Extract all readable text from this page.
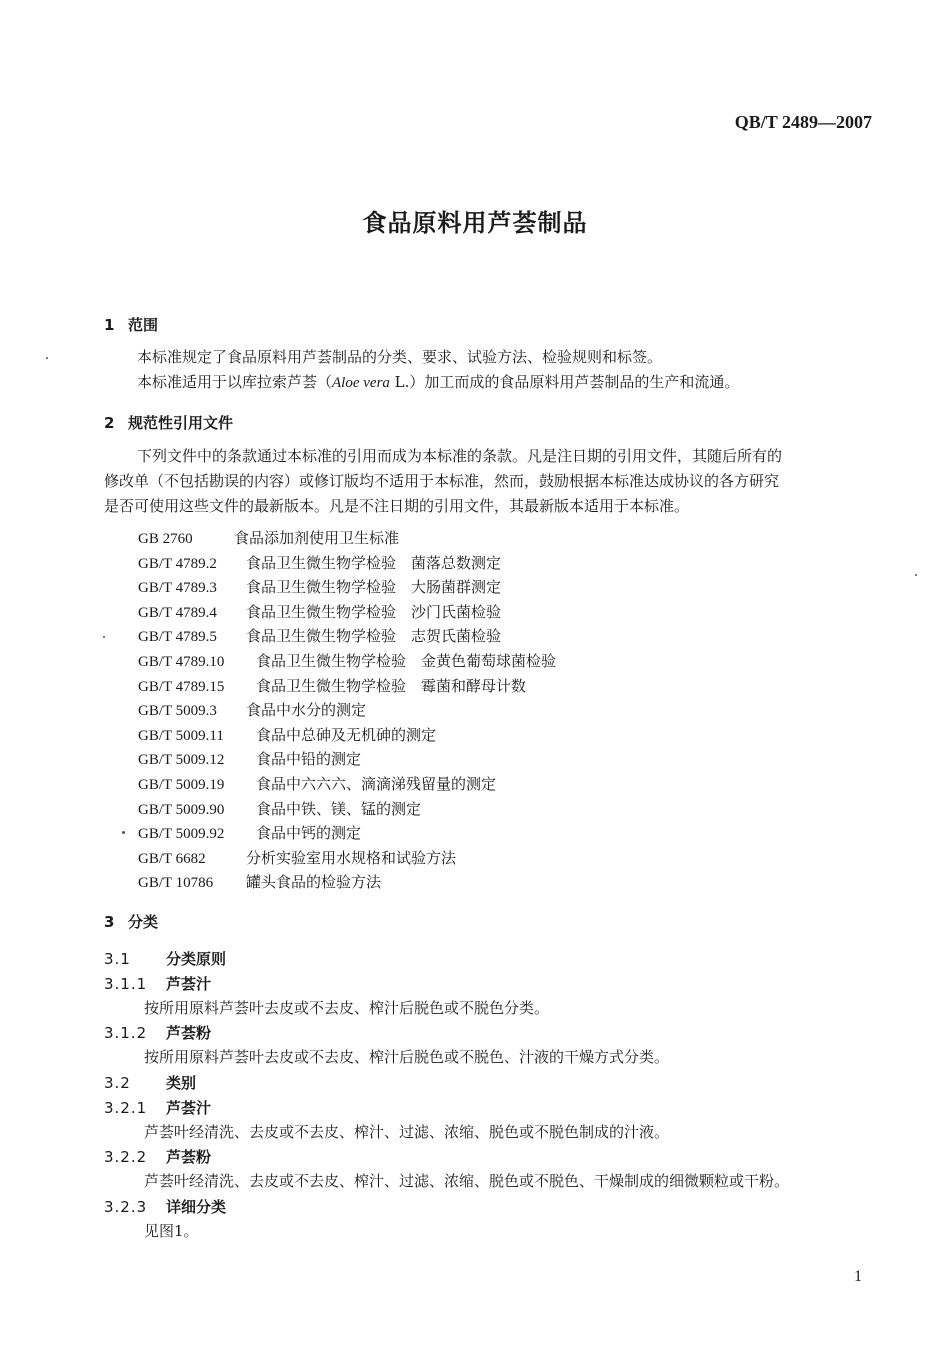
QB/T 2489—2007
食品原料用芦荟制品
1 范围
本标准规定了食品原料用芦荟制品的分类、要求、试验方法、检验规则和标签。
本标准适用于以库拉索芦荟（Aloe vera L.）加工而成的食品原料用芦荟制品的生产和流通。
2 规范性引用文件
下列文件中的条款通过本标准的引用而成为本标准的条款。凡是注日期的引用文件，其随后所有的
修改单（不包括勘误的内容）或修订版均不适用于本标准，然而，鼓励根据本标准达成协议的各方研究
是否可使用这些文件的最新版本。凡是不注日期的引用文件，其最新版本适用于本标准。
GB 2760	食品添加剂使用卫生标准
GB/T 4789.2 食品卫生微生物学检验　菌落总数测定
GB/T 4789.3 食品卫生微生物学检验　大肠菌群测定
GB/T 4789.4 食品卫生微生物学检验　沙门氏菌检验
GB/T 4789.5 食品卫生微生物学检验　志贺氏菌检验
GB/T 4789.10 食品卫生微生物学检验　金黄色葡萄球菌检验
GB/T 4789.15 食品卫生微生物学检验　霉菌和酵母计数
GB/T 5009.3 食品中水分的测定
GB/T 5009.11 食品中总砷及无机砷的测定
GB/T 5009.12 食品中铅的测定
GB/T 5009.19 食品中六六六、滴滴涕残留量的测定
GB/T 5009.90 食品中铁、镁、锰的测定
GB/T 5009.92 食品中钙的测定
GB/T 6682	分析实验室用水规格和试验方法
GB/T 10786 罐头食品的检验方法
3 分类
3.1 分类原则
3.1.1 芦荟汁
按所用原料芦荟叶去皮或不去皮、榨汁后脱色或不脱色分类。
3.1.2 芦荟粉
按所用原料芦荟叶去皮或不去皮、榨汁后脱色或不脱色、汁液的干燥方式分类。
3.2 类别
3.2.1 芦荟汁
芦荟叶经清洗、去皮或不去皮、榨汁、过滤、浓缩、脱色或不脱色制成的汁液。
3.2.2 芦荟粉
芦荟叶经清洗、去皮或不去皮、榨汁、过滤、浓缩、脱色或不脱色、干燥制成的细微颗粒或干粉。
3.2.3 详细分类
见图1。
1
